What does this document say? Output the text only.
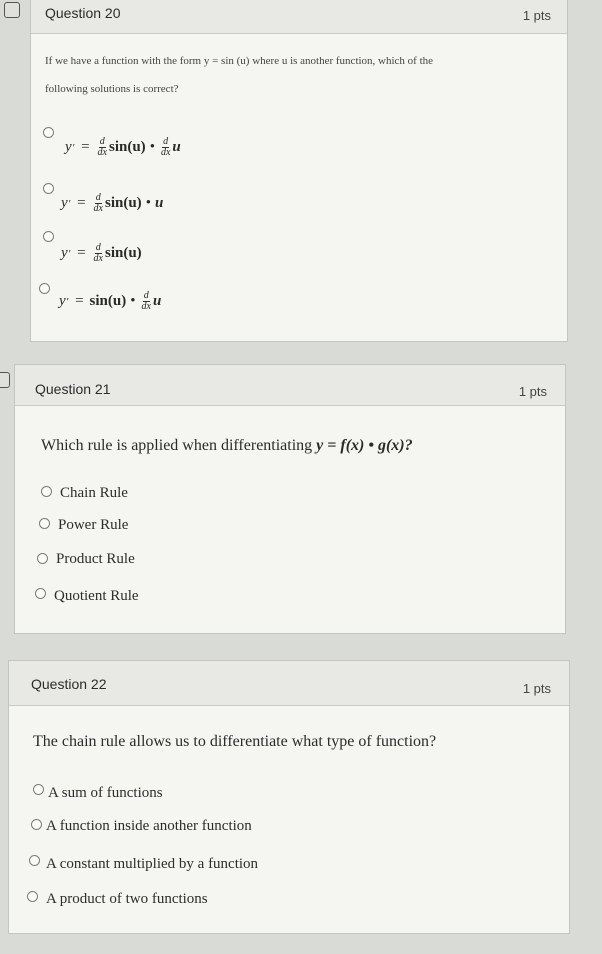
Question 20	1 pts
If we have a function with the form y = sin (u) where u is another function, which of the
following solutions is correct?
y ′ = $\frac{d}{dx} \sin(u)$ • $\frac{d}{dx}$ u
y ′ = $\frac{d}{dx} \sin(u)$ • u
y ′ = $\frac{d}{dx} \sin(u)$
y ′ = sin(u) • $\frac{d}{dx}$ u
Question 21	1 pts
Which rule is applied when differentiating y = f(x) • g(x)?
Chain Rule
Power Rule
Product Rule
Quotient Rule
Question 22	1 pts
The chain rule allows us to differentiate what type of function?
A sum of functions
A function inside another function
A constant multiplied by a function
A product of two functions
